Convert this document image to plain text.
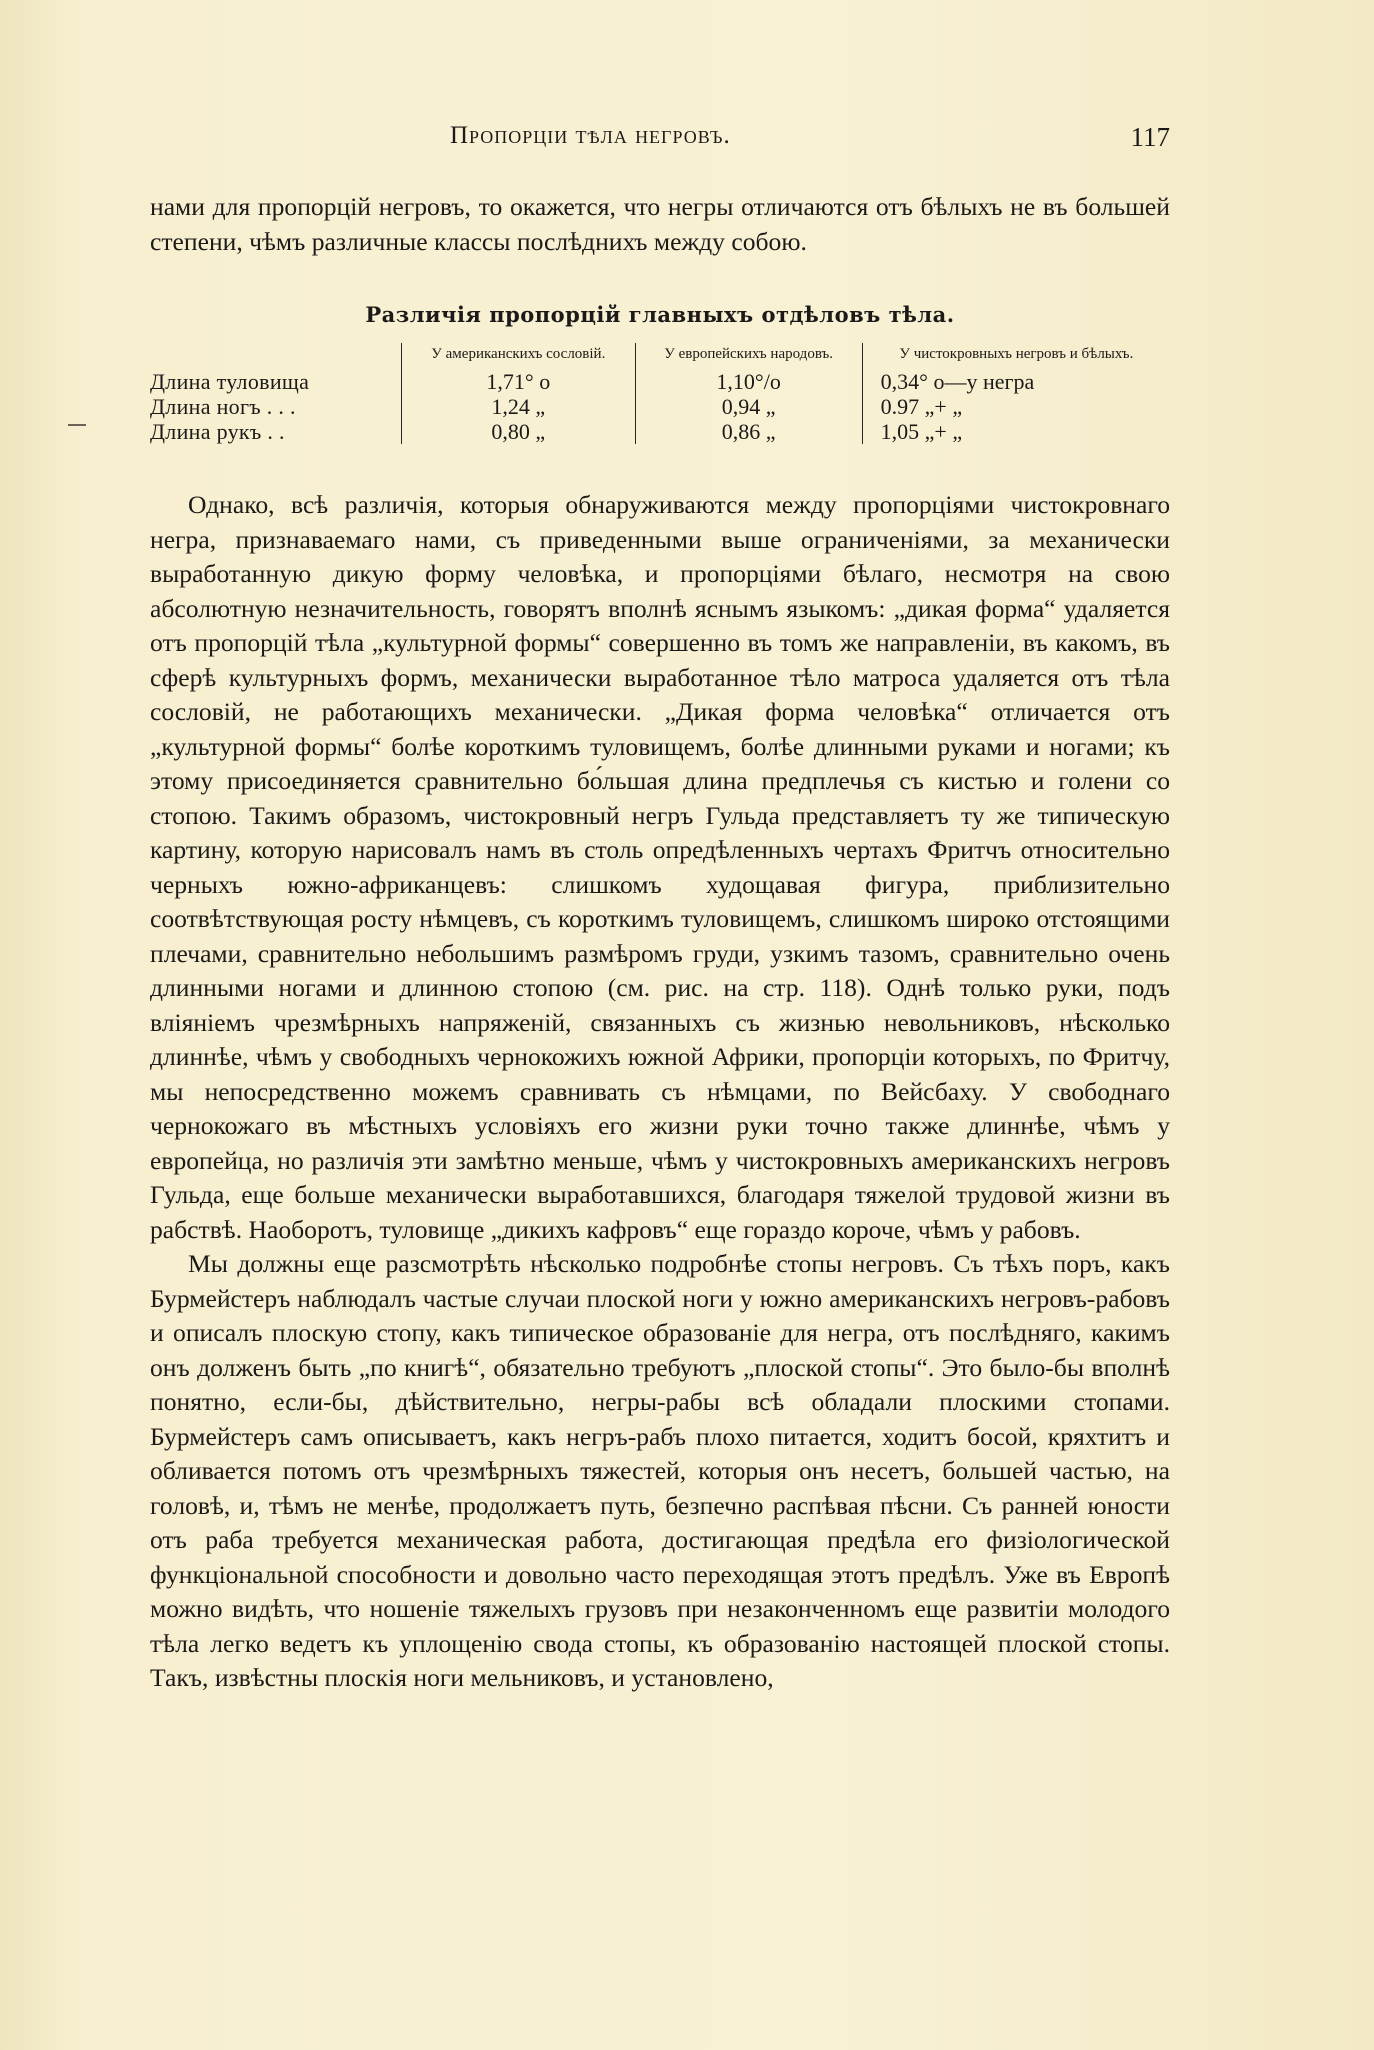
Пропорціи тѣла негровъ.	117

нами для пропорцій негровъ, то окажется, что негры отличаются отъ бѣлыхъ не въ большей степени, чѣмъ различные классы послѣднихъ между собою.

Различія пропорцій главныхъ отдѣловъ тѣла.
	У американскихъ сословій.	У европейскихъ народовъ.	У чистокровныхъ негровъ и бѣлыхъ.
Длина туловища	1,71° о	1,10°/о	0,34° о—у негра
Длина ногъ . . .	1,24 „	0,94 „	0.97 „+ „
Длина рукъ . .	0,80 „	0,86 „	1,05 „+ „

Однако, всѣ различія, которыя обнаруживаются между пропорціями чистокровнаго негра, признаваемаго нами, съ приведенными выше ограниченіями, за механически выработанную дикую форму человѣка, и пропорціями бѣлаго, несмотря на свою абсолютную незначительность, говорятъ вполнѣ яснымъ языкомъ: „дикая форма“ удаляется отъ пропорцій тѣла „культурной формы“ совершенно въ томъ же направленіи, въ какомъ, въ сферѣ культурныхъ формъ, механически выработанное тѣло матроса удаляется отъ тѣла сословій, не работающихъ механически. „Дикая форма человѣка“ отличается отъ „культурной формы“ болѣе короткимъ туловищемъ, болѣе длинными руками и ногами; къ этому присоединяется сравнительно бо́льшая длина предплечья съ кистью и голени со стопою. Такимъ образомъ, чистокровный негръ Гульда представляетъ ту же типическую картину, которую нарисовалъ намъ въ столь опредѣленныхъ чертахъ Фритчъ относительно черныхъ южно-африканцевъ: слишкомъ худощавая фигура, приблизительно соотвѣтствующая росту нѣмцевъ, съ короткимъ туловищемъ, слишкомъ широко отстоящими плечами, сравнительно небольшимъ размѣромъ груди, узкимъ тазомъ, сравнительно очень длинными ногами и длинною стопою (см. рис. на стр. 118). Однѣ только руки, подъ вліяніемъ чрезмѣрныхъ напряженій, связанныхъ съ жизнью невольниковъ, нѣсколько длиннѣе, чѣмъ у свободныхъ чернокожихъ южной Африки, пропорціи которыхъ, по Фритчу, мы непосредственно можемъ сравнивать съ нѣмцами, по Вейсбаху. У свободнаго чернокожаго въ мѣстныхъ условіяхъ его жизни руки точно также длиннѣе, чѣмъ у европейца, но различія эти замѣтно меньше, чѣмъ у чистокровныхъ американскихъ негровъ Гульда, еще больше механически выработавшихся, благодаря тяжелой трудовой жизни въ рабствѣ. Наоборотъ, туловище „дикихъ кафровъ“ еще гораздо короче, чѣмъ у рабовъ.

Мы должны еще разсмотрѣть нѣсколько подробнѣе стопы негровъ. Съ тѣхъ поръ, какъ Бурмейстеръ наблюдалъ частые случаи плоской ноги у южно американскихъ негровъ-рабовъ и описалъ плоскую стопу, какъ типическое образованіе для негра, отъ послѣдняго, какимъ онъ долженъ быть „по книгѣ“, обязательно требуютъ „плоской стопы“. Это было-бы вполнѣ понятно, если-бы, дѣйствительно, негры-рабы всѣ обладали плоскими стопами. Бурмейстеръ самъ описываетъ, какъ негръ-рабъ плохо питается, ходитъ босой, кряхтитъ и обливается потомъ отъ чрезмѣрныхъ тяжестей, которыя онъ несетъ, большей частью, на головѣ, и, тѣмъ не менѣе, продолжаетъ путь, безпечно распѣвая пѣсни. Съ ранней юности отъ раба требуется механическая работа, достигающая предѣла его физіологической функціональной способности и довольно часто переходящая этотъ предѣлъ. Уже въ Европѣ можно видѣть, что ношеніе тяжелыхъ грузовъ при незаконченномъ еще развитіи молодого тѣла легко ведетъ къ уплощенію свода стопы, къ образованію настоящей плоской стопы. Такъ, извѣстны плоскія ноги мельниковъ, и установлено,
